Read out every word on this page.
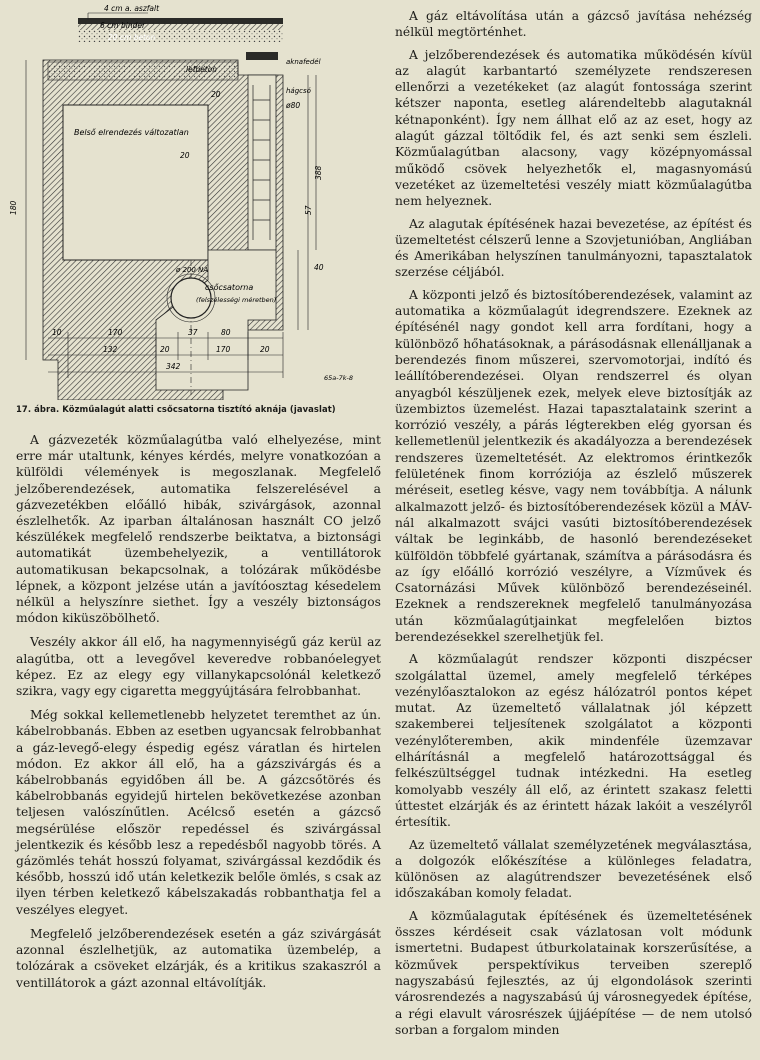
4 cm a. aszfalt
6 cm binder
20 cm beton
lefbeton
aknafedél
hágcsó
Belső elrendezés változatlan
ø80
ø 200 NA
csőcsatorna
(felszélességi méretben)
180
388
57
20
20
40
10	170	37	80
132	20	170	20
342
65a-7k-8
17. ábra. Közműalagút alatti csőcsatorna tisztító aknája (javaslat)

A gázvezeték közműalagútba való elhelyezése, mint erre már utaltunk, kényes kérdés, melyre vonatkozóan a külföldi vélemények is megoszlanak. Megfelelő jelzőberendezések, automatika felszerelésével a gázvezetékben előálló hibák, szivárgások, azonnal észlelhetők. Az iparban általánosan használt CO jelző készülékek megfelelő rendszerbe beiktatva, a biztonsági automatikát üzembehelyezik, a ventillátorok automatikusan bekapcsolnak, a tolózárak működésbe lépnek, a központ jelzése után a javítóosztag késedelem nélkül a helyszínre siethet. Így a veszély biztonságos módon kiküszöbölhető.

Veszély akkor áll elő, ha nagymennyiségű gáz kerül az alagútba, ott a levegővel keveredve robbanóelegyet képez. Ez az elegy egy villanykapcsolónál keletkező szikra, vagy egy cigaretta meggyújtására felrobbanhat.

Még sokkal kellemetlenebb helyzetet teremthet az ún. kábelrobbanás. Ebben az esetben ugyancsak felrobbanhat a gáz-levegő-elegy éspedig egész váratlan és hirtelen módon. Ez akkor áll elő, ha a gázszivárgás és a kábelrobbanás egyidőben áll be. A gázcsőtörés és kábelrobbanás egyidejű hirtelen bekövetkezése azonban teljesen valószínűtlen. Acélcső esetén a gázcső megsérülése először repedéssel és szivárgással jelentkezik és később lesz a repedésből nagyobb törés. A gázömlés tehát hosszú folyamat, szivárgással kezdődik és később, hosszú idő után keletkezik belőle ömlés, s csak az ilyen térben keletkező kábelszakadás robbanthatja fel a veszélyes elegyet.

Megfelelő jelzőberendezések esetén a gáz szivárgását azonnal észlelhetjük, az automatika üzembelép, a tolózárak a csöveket elzárják, és a kritikus szakaszról a ventillátorok a gázt azonnal eltávolítják.

A gáz eltávolítása után a gázcső javítása nehézség nélkül megtörténhet.

A jelzőberendezések és automatika működésén kívül az alagút karbantartó személyzete rendszeresen ellenőrzi a vezetékeket (az alagút fontossága szerint kétszer naponta, esetleg alárendeltebb alagutaknál kétnaponként). Így nem állhat elő az az eset, hogy az alagút gázzal töltődik fel, és azt senki sem észleli. Közműalagútban alacsony, vagy középnyomással működő csövek helyezhetők el, magasnyomású vezetéket az üzemeltetési veszély miatt közműalagútba nem helyeznek.

Az alagutak építésének hazai bevezetése, az építést és üzemeltetést célszerű lenne a Szovjetunióban, Angliában és Amerikában helyszínen tanulmányozni, tapasztalatok szerzése céljából.

A központi jelző és biztosítóberendezések, valamint az automatika a közműalagút idegrendszere. Ezeknek az építésénél nagy gondot kell arra fordítani, hogy a különböző hőhatásoknak, a párásodásnak ellenálljanak a berendezés finom műszerei, szervomotorjai, indító és leállítóberendezései. Olyan rendszerrel és olyan anyagból készüljenek ezek, melyek eleve biztosítják az üzembiztos üzemelést. Hazai tapasztalataink szerint a korrózió veszély, a párás légterekben elég gyorsan és kellemetlenül jelentkezik és akadályozza a berendezések rendszeres üzemeltetését. Az elektromos érintkezők felületének finom korróziója az észlelő műszerek méréseit, esetleg késve, vagy nem továbbítja. A nálunk alkalmazott jelző- és biztosítóberendezések közül a MÁV-nál alkalmazott svájci vasúti biztosítóberendezések váltak be leginkább, de hasonló berendezéseket külföldön többfelé gyártanak, számítva a párásodásra és az így előálló korrózió veszélyre, a Vízművek és Csatornázási Művek különböző berendezéseinél. Ezeknek a rendszereknek megfelelő tanulmányozása után közműalagútjainkat megfelelően biztos berendezésekkel szerelhetjük fel.

A közműalagút rendszer központi diszpécser szolgálattal üzemel, amely megfelelő térképes vezénylőasztalokon az egész hálózatról pontos képet mutat. Az üzemeltető vállalatnak jól képzett szakemberei teljesítenek szolgálatot a központi vezénylőteremben, akik mindenféle üzemzavar elhárításnál a megfelelő határozottsággal és felkészültséggel tudnak intézkedni. Ha esetleg komolyabb veszély áll elő, az érintett szakasz feletti úttestet elzárják és az érintett házak lakóit a veszélyről értesítik.

Az üzemeltető vállalat személyzetének megválasztása, a dolgozók előkészítése a különleges feladatra, különösen az alagútrendszer bevezetésének első időszakában komoly feladat.

A közműalagutak építésének és üzemeltetésének összes kérdéseit csak vázlatosan volt módunk ismertetni. Budapest útburkolatainak korszerűsítése, a közművek perspektívikus terveiben szereplő nagyszabású fejlesztés, az új elgondolások szerinti városrendezés a nagyszabású új városnegyedek építése, a régi elavult városrészek újjáépítése — de nem utolsó sorban a forgalom minden
